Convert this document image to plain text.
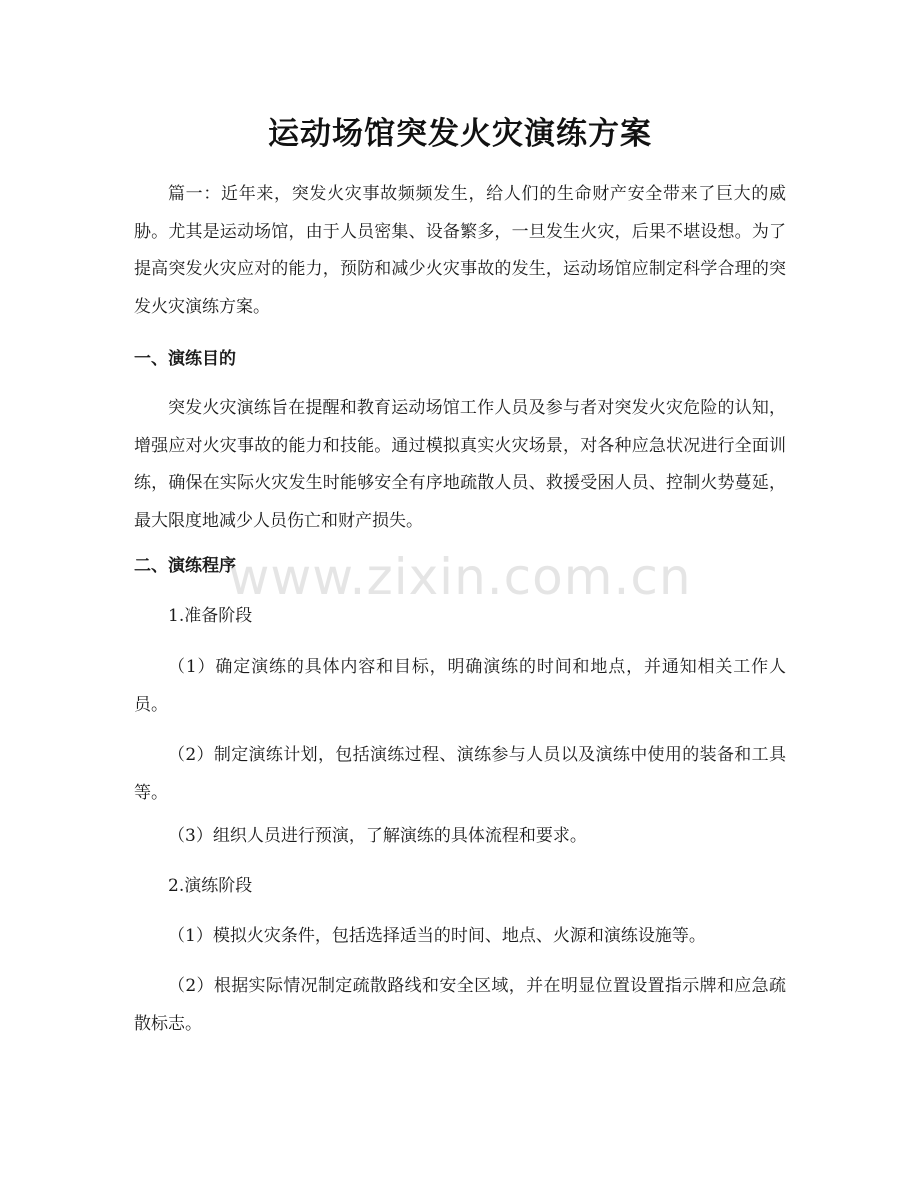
运动场馆突发火灾演练方案

篇一：近年来，突发火灾事故频频发生，给人们的生命财产安全带来了巨大的威胁。尤其是运动场馆，由于人员密集、设备繁多，一旦发生火灾，后果不堪设想。为了提高突发火灾应对的能力，预防和减少火灾事故的发生，运动场馆应制定科学合理的突发火灾演练方案。

一、演练目的

突发火灾演练旨在提醒和教育运动场馆工作人员及参与者对突发火灾危险的认知，增强应对火灾事故的能力和技能。通过模拟真实火灾场景，对各种应急状况进行全面训练，确保在实际火灾发生时能够安全有序地疏散人员、救援受困人员、控制火势蔓延，最大限度地减少人员伤亡和财产损失。

二、演练程序

1.准备阶段

（1）确定演练的具体内容和目标，明确演练的时间和地点，并通知相关工作人员。

（2）制定演练计划，包括演练过程、演练参与人员以及演练中使用的装备和工具等。

（3）组织人员进行预演，了解演练的具体流程和要求。

2.演练阶段

（1）模拟火灾条件，包括选择适当的时间、地点、火源和演练设施等。

（2）根据实际情况制定疏散路线和安全区域，并在明显位置设置指示牌和应急疏散标志。

www.zixin.com.cn
